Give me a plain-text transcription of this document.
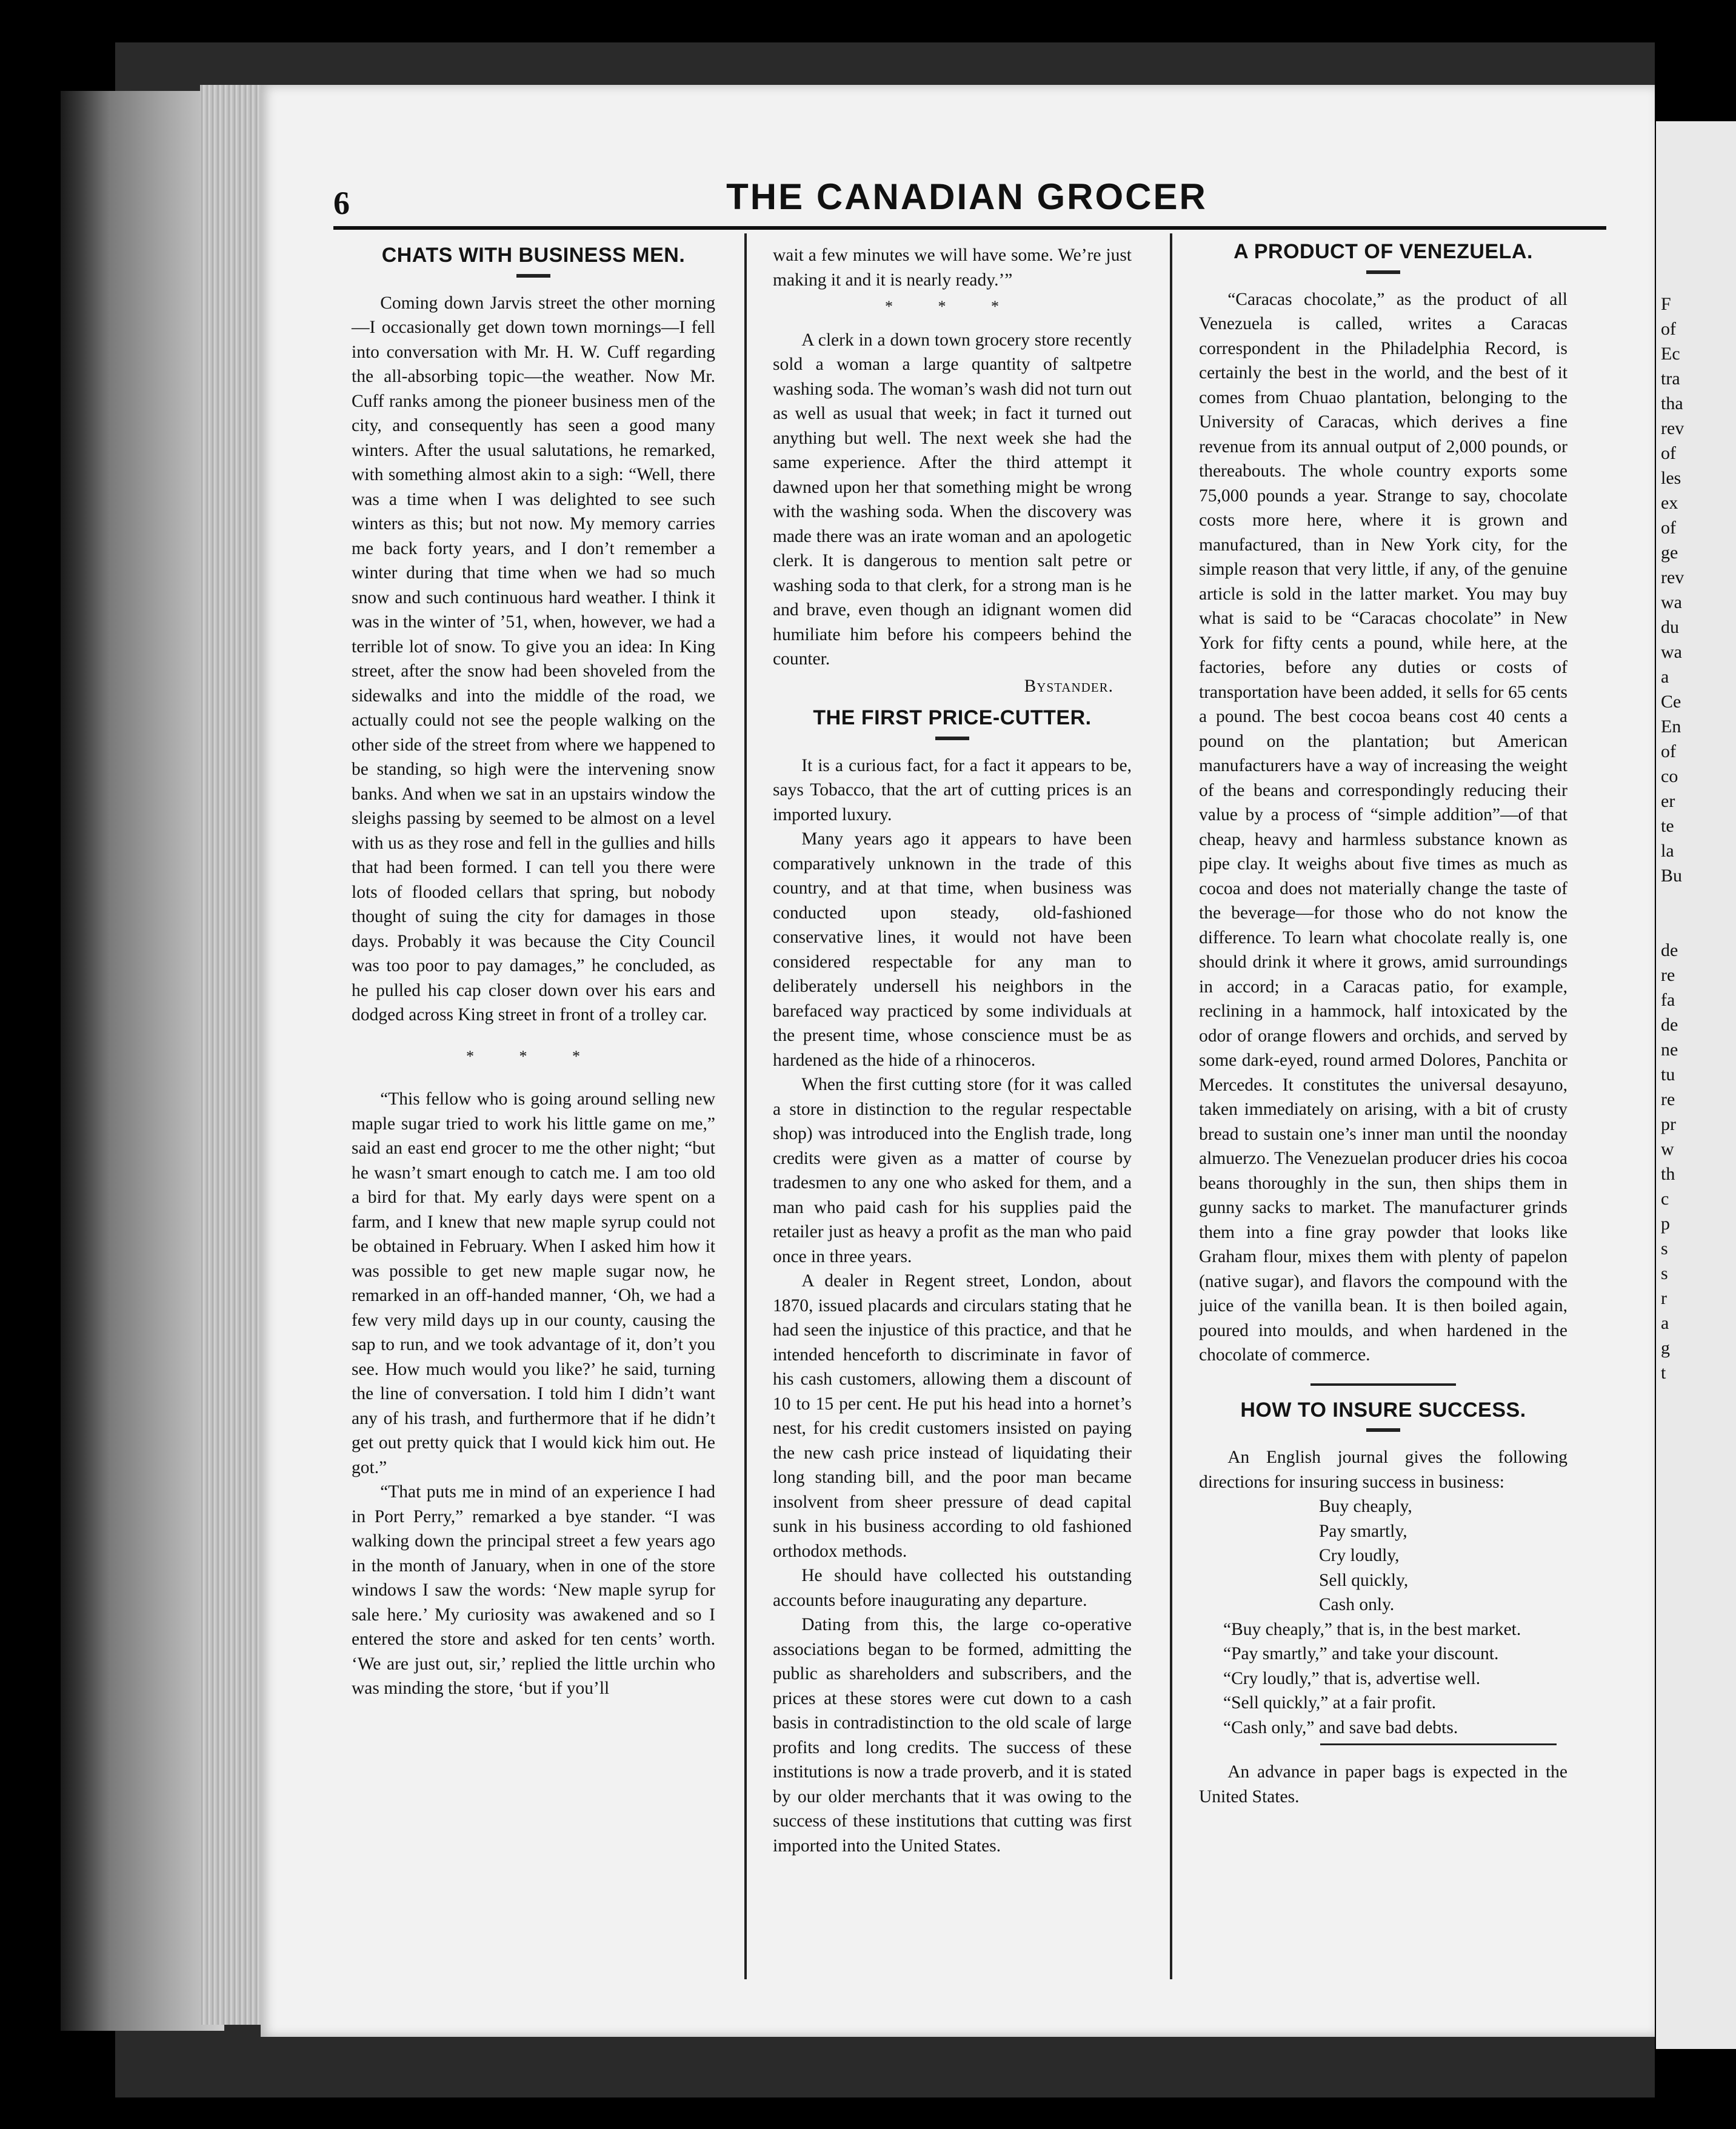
F
of
Ec
tra
tha
rev
of
les
ex
of
ge
rev
wa
du
wa
a
Ce
En
of
co
er
te
la
Bu
de
re
fa
de
ne
tu
re
pr
w
th
c
p
s
s
r
a
g
t
6	THE CANADIAN GROCER
CHATS WITH BUSINESS MEN.

Coming down Jarvis street the other morning—I occasionally get down town mornings—I fell into conversation with Mr. H. W. Cuff regarding the all-absorbing topic—the weather. Now Mr. Cuff ranks among the pioneer business men of the city, and consequently has seen a good many winters. After the usual salutations, he remarked, with something almost akin to a sigh: “Well, there was a time when I was delighted to see such winters as this; but not now. My memory carries me back forty years, and I don’t remember a winter during that time when we had so much snow and such continuous hard weather. I think it was in the winter of ’51, when, however, we had a terrible lot of snow. To give you an idea: In King street, after the snow had been shoveled from the sidewalks and into the middle of the road, we actually could not see the people walking on the other side of the street from where we happened to be standing, so high were the intervening snow banks. And when we sat in an upstairs window the sleighs passing by seemed to be almost on a level with us as they rose and fell in the gullies and hills that had been formed. I can tell you there were lots of flooded cellars that spring, but nobody thought of suing the city for damages in those days. Probably it was because the City Council was too poor to pay damages,” he concluded, as he pulled his cap closer down over his ears and dodged across King street in front of a trolley car.

* * *

“This fellow who is going around selling new maple sugar tried to work his little game on me,” said an east end grocer to me the other night; “but he wasn’t smart enough to catch me. I am too old a bird for that. My early days were spent on a farm, and I knew that new maple syrup could not be obtained in February. When I asked him how it was possible to get new maple sugar now, he remarked in an off-handed manner, ‘Oh, we had a few very mild days up in our county, causing the sap to run, and we took advantage of it, don’t you see. How much would you like?’ he said, turning the line of conversation. I told him I didn’t want any of his trash, and furthermore that if he didn’t get out pretty quick that I would kick him out. He got.”

“That puts me in mind of an experience I had in Port Perry,” remarked a bye stander. “I was walking down the principal street a few years ago in the month of January, when in one of the store windows I saw the words: ‘New maple syrup for sale here.’ My curiosity was awakened and so I entered the store and asked for ten cents’ worth. ‘We are just out, sir,’ replied the little urchin who was minding the store, ‘but if you’ll

wait a few minutes we will have some. We’re just making it and it is nearly ready.’”

* * *

A clerk in a down town grocery store recently sold a woman a large quantity of saltpetre washing soda. The woman’s wash did not turn out as well as usual that week; in fact it turned out anything but well. The next week she had the same experience. After the third attempt it dawned upon her that something might be wrong with the washing soda. When the discovery was made there was an irate woman and an apologetic clerk. It is dangerous to mention salt petre or washing soda to that clerk, for a strong man is he and brave, even though an idignant women did humiliate him before his compeers behind the counter.

Bystander.
THE FIRST PRICE-CUTTER.

It is a curious fact, for a fact it appears to be, says Tobacco, that the art of cutting prices is an imported luxury.

Many years ago it appears to have been comparatively unknown in the trade of this country, and at that time, when business was conducted upon steady, old-fashioned conservative lines, it would not have been considered respectable for any man to deliberately undersell his neighbors in the barefaced way practiced by some individuals at the present time, whose conscience must be as hardened as the hide of a rhinoceros.

When the first cutting store (for it was called a store in distinction to the regular respectable shop) was introduced into the English trade, long credits were given as a matter of course by tradesmen to any one who asked for them, and a man who paid cash for his supplies paid the retailer just as heavy a profit as the man who paid once in three years.

A dealer in Regent street, London, about 1870, issued placards and circulars stating that he had seen the injustice of this practice, and that he intended henceforth to discriminate in favor of his cash customers, allowing them a discount of 10 to 15 per cent. He put his head into a hornet’s nest, for his credit customers insisted on paying the new cash price instead of liquidating their long standing bill, and the poor man became insolvent from sheer pressure of dead capital sunk in his business according to old fashioned orthodox methods.

He should have collected his outstanding accounts before inaugurating any departure.

Dating from this, the large co-operative associations began to be formed, admitting the public as shareholders and subscribers, and the prices at these stores were cut down to a cash basis in contradistinction to the old scale of large profits and long credits. The success of these institutions is now a trade proverb, and it is stated by our older merchants that it was owing to the success of these institutions that cutting was first imported into the United States.

A PRODUCT OF VENEZUELA.

“Caracas chocolate,” as the product of all Venezuela is called, writes a Caracas correspondent in the Philadelphia Record, is certainly the best in the world, and the best of it comes from Chuao plantation, belonging to the University of Caracas, which derives a fine revenue from its annual output of 2,000 pounds, or thereabouts. The whole country exports some 75,000 pounds a year. Strange to say, chocolate costs more here, where it is grown and manufactured, than in New York city, for the simple reason that very little, if any, of the genuine article is sold in the latter market. You may buy what is said to be “Caracas chocolate” in New York for fifty cents a pound, while here, at the factories, before any duties or costs of transportation have been added, it sells for 65 cents a pound. The best cocoa beans cost 40 cents a pound on the plantation; but American manufacturers have a way of increasing the weight of the beans and correspondingly reducing their value by a process of “simple addition”—of that cheap, heavy and harmless substance known as pipe clay. It weighs about five times as much as cocoa and does not materially change the taste of the beverage—for those who do not know the difference. To learn what chocolate really is, one should drink it where it grows, amid surroundings in accord; in a Caracas patio, for example, reclining in a hammock, half intoxicated by the odor of orange flowers and orchids, and served by some dark-eyed, round armed Dolores, Panchita or Mercedes. It constitutes the universal desayuno, taken immediately on arising, with a bit of crusty bread to sustain one’s inner man until the noonday almuerzo. The Venezuelan producer dries his cocoa beans thoroughly in the sun, then ships them in gunny sacks to market. The manufacturer grinds them into a fine gray powder that looks like Graham flour, mixes them with plenty of papelon (native sugar), and flavors the compound with the juice of the vanilla bean. It is then boiled again, poured into moulds, and when hardened in the chocolate of commerce.

HOW TO INSURE SUCCESS.

An English journal gives the following directions for insuring success in business:

Buy cheaply,
Pay smartly,
Cry loudly,
Sell quickly,
Cash only.
“Buy cheaply,” that is, in the best market.
“Pay smartly,” and take your discount.
“Cry loudly,” that is, advertise well.
“Sell quickly,” at a fair profit.
“Cash only,” and save bad debts.

An advance in paper bags is expected in the United States.
